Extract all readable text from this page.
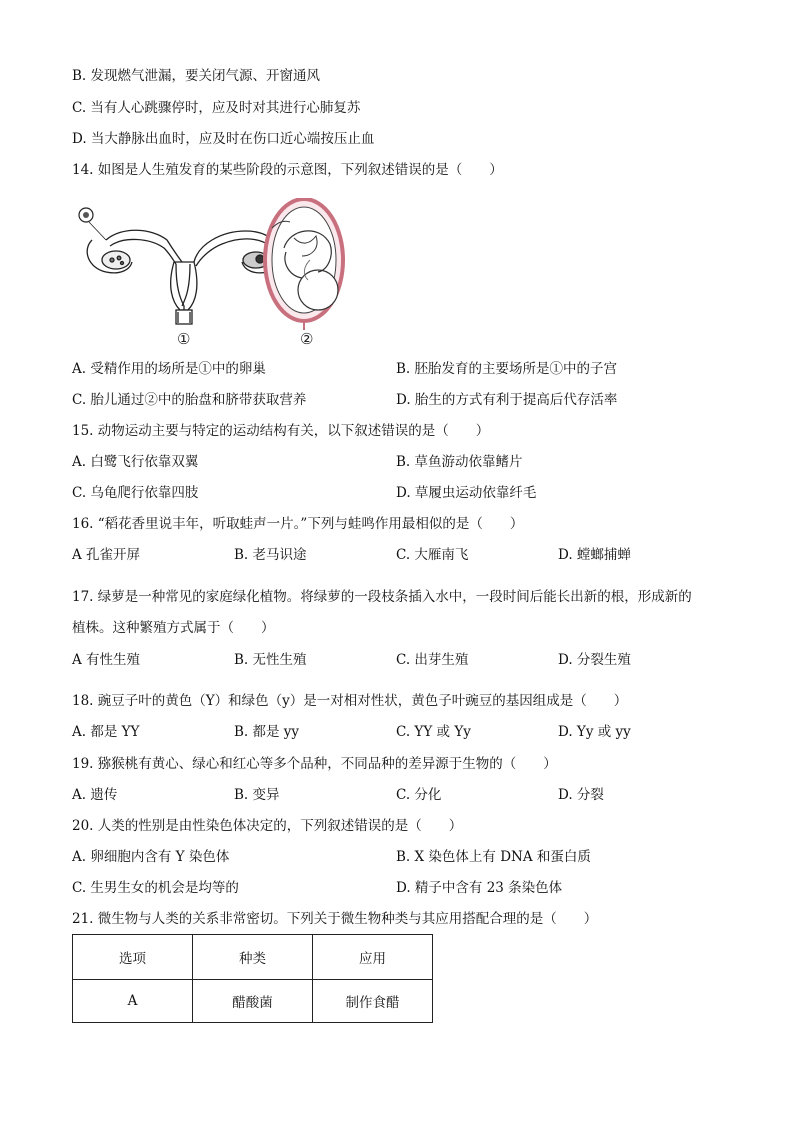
B. 发现燃气泄漏，要关闭气源、开窗通风
C. 当有人心跳骤停时，应及时对其进行心肺复苏
D. 当大静脉出血时，应及时在伤口近心端按压止血
14. 如图是人生殖发育的某些阶段的示意图，下列叙述错误的是（　　）
①	②
A. 受精作用的场所是①中的卵巢	B. 胚胎发育的主要场所是①中的子宫
C. 胎儿通过②中的胎盘和脐带获取营养	D. 胎生的方式有利于提高后代存活率
15. 动物运动主要与特定的运动结构有关，以下叙述错误的是（　　）
A. 白鹭飞行依靠双翼	B. 草鱼游动依靠鳍片
C. 乌龟爬行依靠四肢	D. 草履虫运动依靠纤毛
16. “稻花香里说丰年，听取蛙声一片。”下列与蛙鸣作用最相似的是（　　）
A 孔雀开屏	B. 老马识途	C. 大雁南飞	D. 螳螂捕蝉
17. 绿萝是一种常见的家庭绿化植物。将绿萝的一段枝条插入水中，一段时间后能长出新的根，形成新的
植株。这种繁殖方式属于（　　）
A 有性生殖	B. 无性生殖	C. 出芽生殖	D. 分裂生殖
18. 豌豆子叶的黄色（Y）和绿色（y）是一对相对性状，黄色子叶豌豆的基因组成是（　　）
A. 都是 YY	B. 都是 yy	C. YY 或 Yy	D. Yy 或 yy
19. 猕猴桃有黄心、绿心和红心等多个品种，不同品种的差异源于生物的（　　）
A. 遗传	B. 变异	C. 分化	D. 分裂
20. 人类的性别是由性染色体决定的，下列叙述错误的是（　　）
A. 卵细胞内含有 Y 染色体	B. X 染色体上有 DNA 和蛋白质
C. 生男生女的机会是均等的	D. 精子中含有 23 条染色体
21. 微生物与人类的关系非常密切。下列关于微生物种类与其应用搭配合理的是（　　）
选项	种类	应用
A	醋酸菌	制作食醋
